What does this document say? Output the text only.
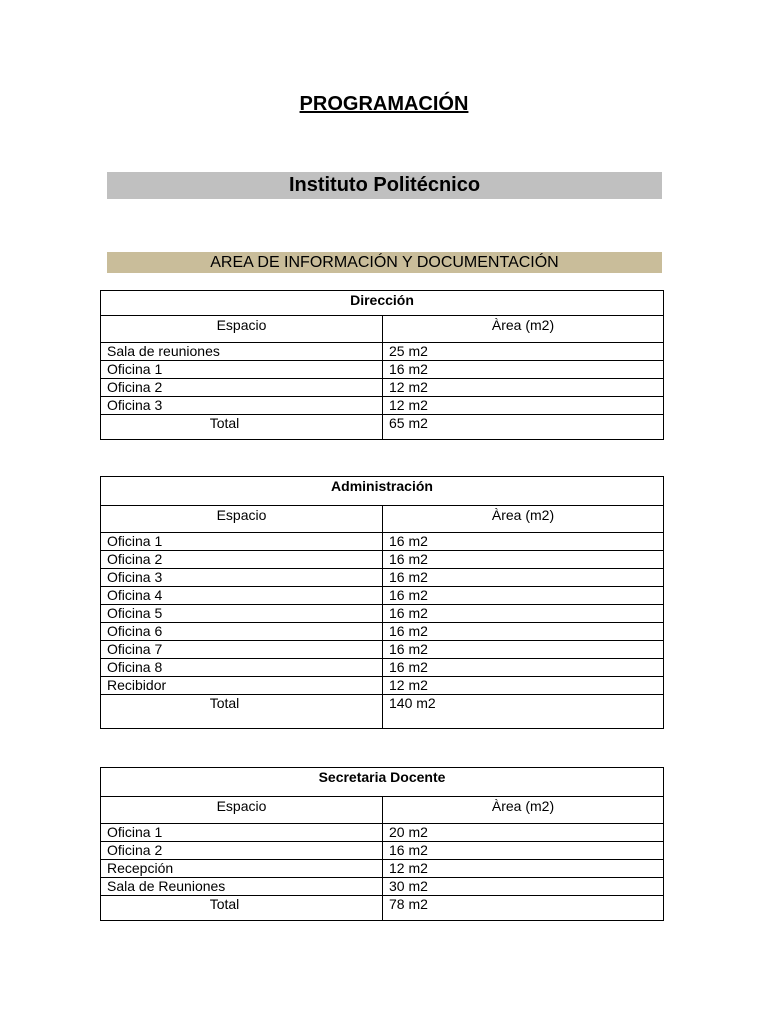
PROGRAMACIÓN
Instituto Politécnico
AREA DE INFORMACIÓN Y DOCUMENTACIÓN
Dirección	
Espacio	Àrea (m2)
Sala de reuniones	25 m2
Oficina 1	16 m2
Oficina 2	12 m2
Oficina 3	12 m2
Total	65 m2
Administración	
Espacio	Àrea (m2)
Oficina 1	16 m2
Oficina 2	16 m2
Oficina 3	16 m2
Oficina 4	16 m2
Oficina 5	16 m2
Oficina 6	16 m2
Oficina 7	16 m2
Oficina 8	16 m2
Recibidor	12 m2
Total	140 m2
Secretaria Docente	
Espacio	Àrea (m2)
Oficina 1	20 m2
Oficina 2	16 m2
Recepción	12 m2
Sala de Reuniones	30 m2
Total	78 m2
